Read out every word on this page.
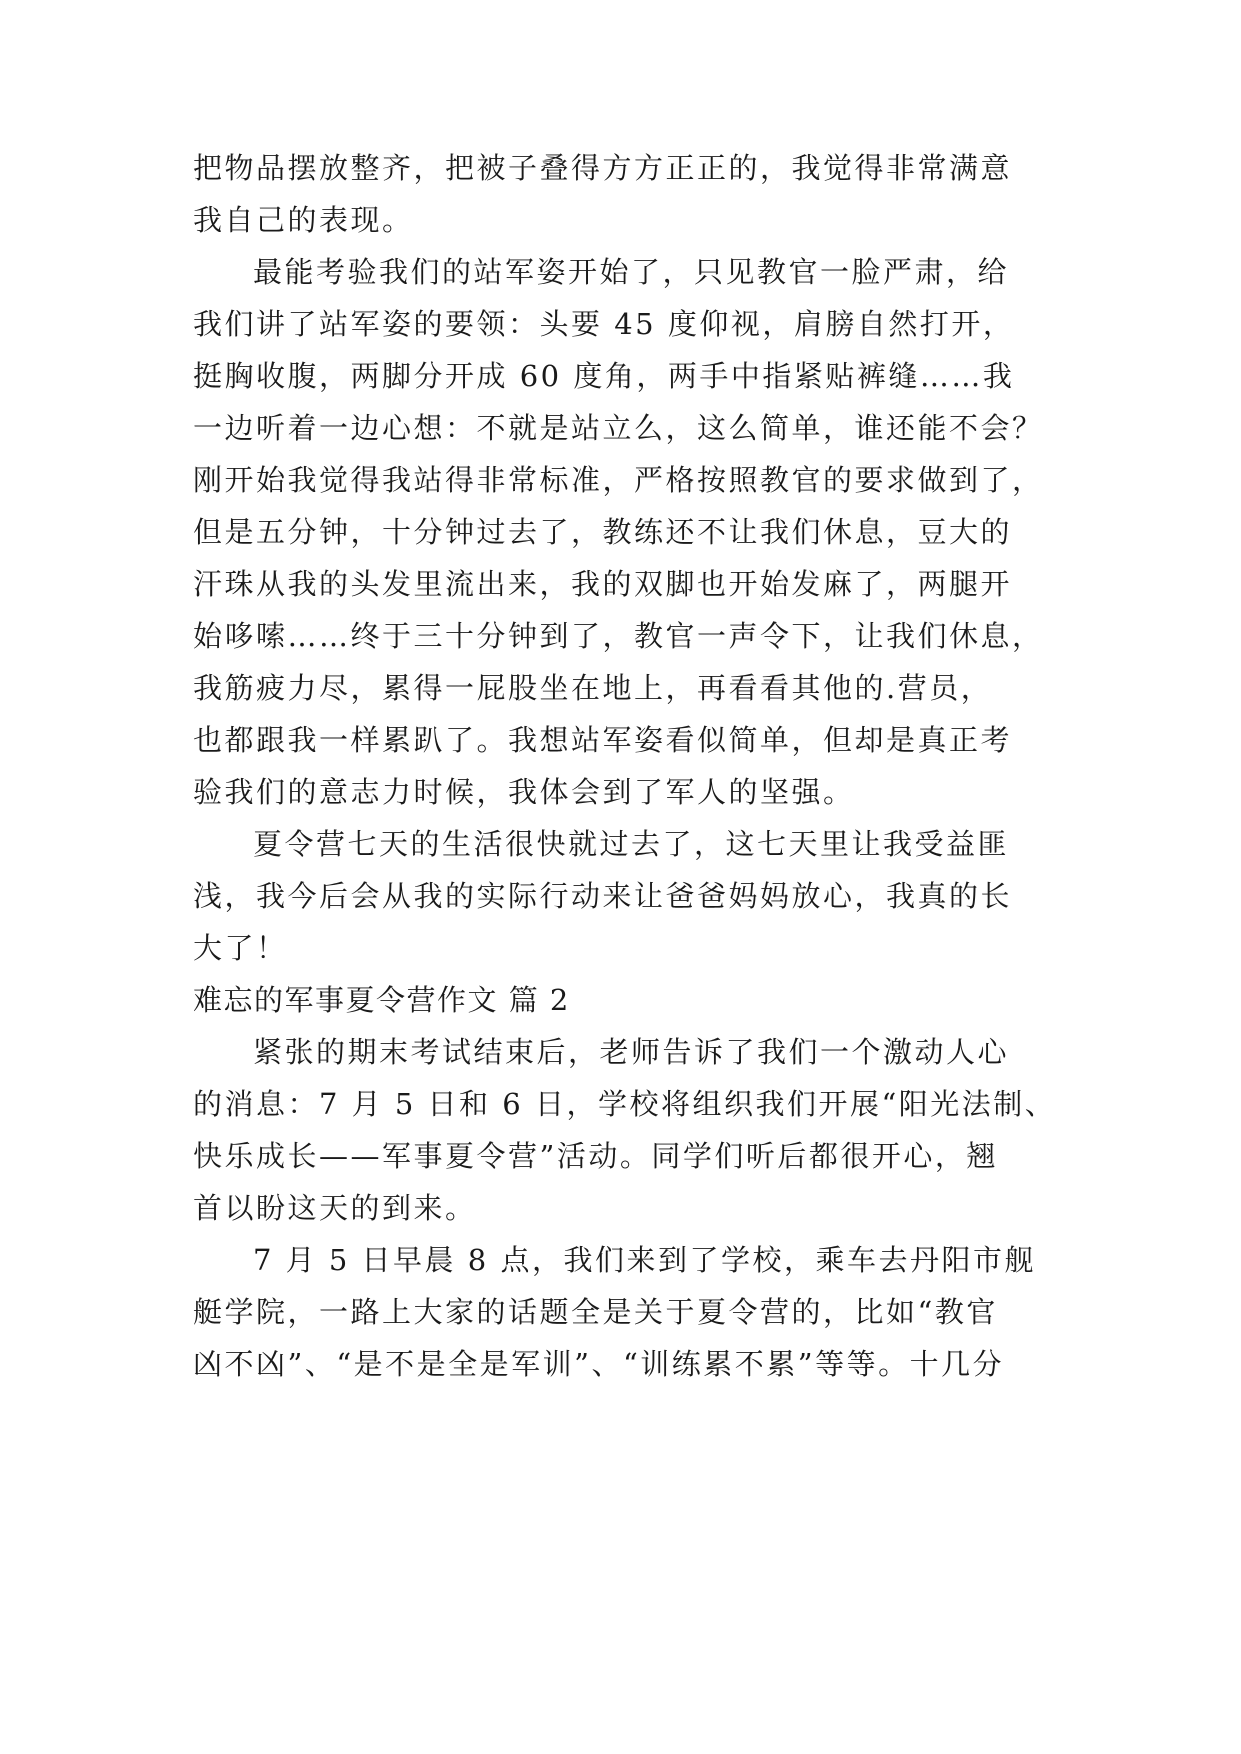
把物品摆放整齐，把被子叠得方方正正的，我觉得非常满意
我自己的表现。
最能考验我们的站军姿开始了，只见教官一脸严肃，给
我们讲了站军姿的要领：头要 45 度仰视，肩膀自然打开，
挺胸收腹，两脚分开成 60 度角，两手中指紧贴裤缝……我
一边听着一边心想：不就是站立么，这么简单，谁还能不会？
刚开始我觉得我站得非常标准，严格按照教官的要求做到了，
但是五分钟，十分钟过去了，教练还不让我们休息，豆大的
汗珠从我的头发里流出来，我的双脚也开始发麻了，两腿开
始哆嗦……终于三十分钟到了，教官一声令下，让我们休息，
我筋疲力尽，累得一屁股坐在地上，再看看其他的.营员，
也都跟我一样累趴了。我想站军姿看似简单，但却是真正考
验我们的意志力时候，我体会到了军人的坚强。
夏令营七天的生活很快就过去了，这七天里让我受益匪
浅，我今后会从我的实际行动来让爸爸妈妈放心，我真的长
大了！
难忘的军事夏令营作文 篇 2
紧张的期末考试结束后，老师告诉了我们一个激动人心
的消息：7 月 5 日和 6 日，学校将组织我们开展“阳光法制、
快乐成长——军事夏令营”活动。同学们听后都很开心，翘
首以盼这天的到来。
7 月 5 日早晨 8 点，我们来到了学校，乘车去丹阳市舰
艇学院，一路上大家的话题全是关于夏令营的，比如“教官
凶不凶”、“是不是全是军训”、“训练累不累”等等。十几分
